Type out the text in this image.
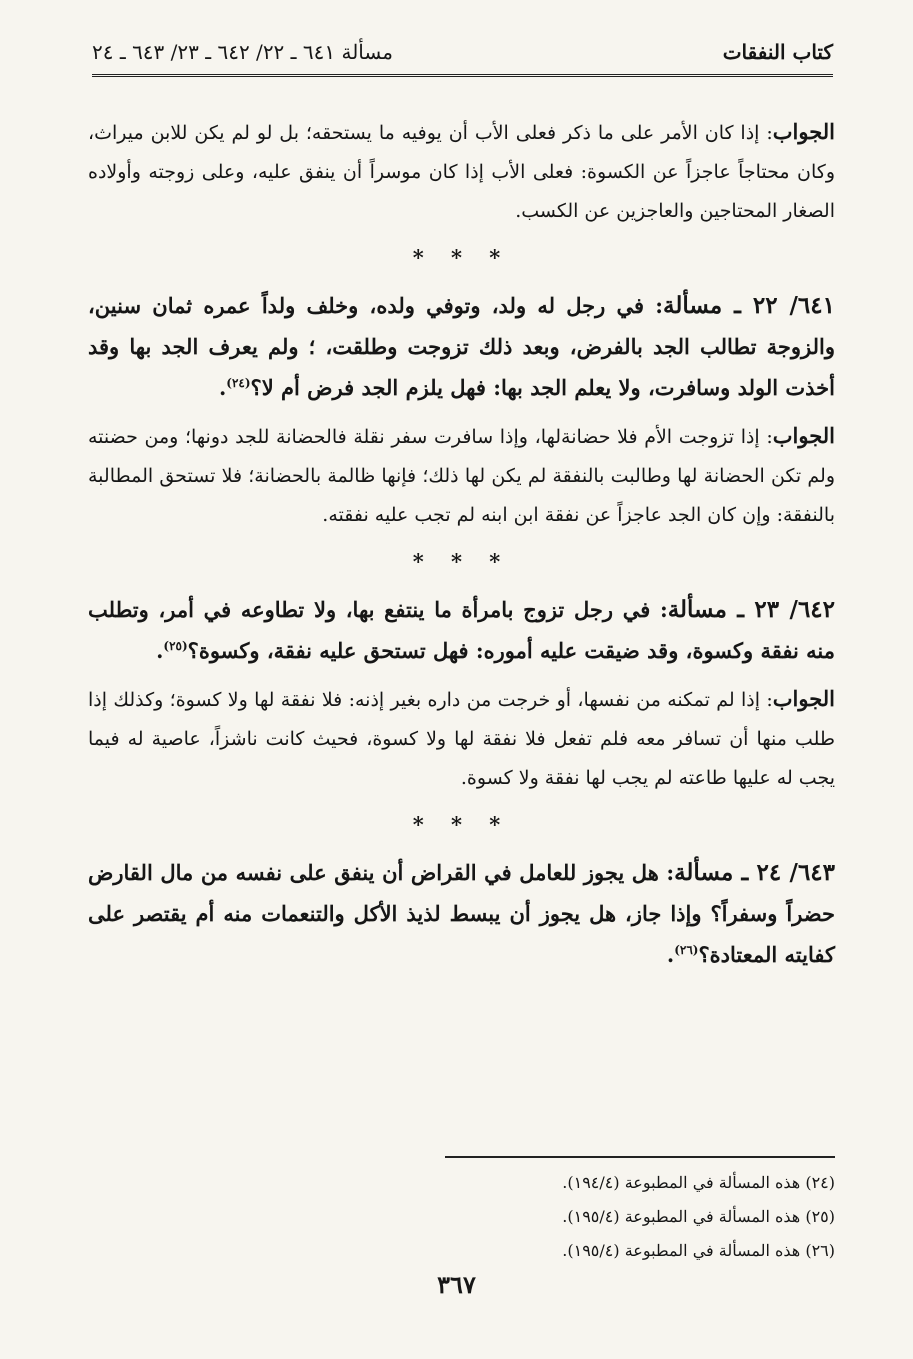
كتاب النفقات
مسألة ٦٤١ ـ ٢٢/ ٦٤٢ ـ ٢٣/ ٦٤٣ ـ ٢٤

الجواب: إذا كان الأمر على ما ذكر فعلى الأب أن يوفيه ما يستحقه؛ بل لو لم يكن للابن ميراث، وكان محتاجاً عاجزاً عن الكسوة: فعلى الأب إذا كان موسراً أن ينفق عليه، وعلى زوجته وأولاده الصغار المحتاجين والعاجزين عن الكسب.

* * *

٦٤١/ ٢٢ ـ مسألة: في رجل له ولد، وتوفي ولده، وخلف ولداً عمره ثمان سنين، والزوجة تطالب الجد بالفرض، وبعد ذلك تزوجت وطلقت، ؛ ولم يعرف الجد بها وقد أخذت الولد وسافرت، ولا يعلم الجد بها: فهل يلزم الجد فرض أم لا؟$^{(٢٤)}$.

الجواب: إذا تزوجت الأم فلا حضانةلها، وإذا سافرت سفر نقلة فالحضانة للجد دونها؛ ومن حضنته ولم تكن الحضانة لها وطالبت بالنفقة لم يكن لها ذلك؛ فإنها ظالمة بالحضانة؛ فلا تستحق المطالبة بالنفقة: وإن كان الجد عاجزاً عن نفقة ابن ابنه لم تجب عليه نفقته.

* * *

٦٤٢/ ٢٣ ـ مسألة: في رجل تزوج بامرأة ما ينتفع بها، ولا تطاوعه في أمر، وتطلب منه نفقة وكسوة، وقد ضيقت عليه أموره: فهل تستحق عليه نفقة، وكسوة؟$^{(٢٥)}$.

الجواب: إذا لم تمكنه من نفسها، أو خرجت من داره بغير إذنه: فلا نفقة لها ولا كسوة؛ وكذلك إذا طلب منها أن تسافر معه فلم تفعل فلا نفقة لها ولا كسوة، فحيث كانت ناشزاً، عاصية له فيما يجب له عليها طاعته لم يجب لها نفقة ولا كسوة.

* * *

٦٤٣/ ٢٤ ـ مسألة: هل يجوز للعامل في القراض أن ينفق على نفسه من مال القارض حضراً وسفراً؟ وإذا جاز، هل يجوز أن يبسط لذيذ الأكل والتنعمات منه أم يقتصر على كفايته المعتادة؟$^{(٢٦)}$.

(٢٤) هذه المسألة في المطبوعة (١٩٤/٤).

(٢٥) هذه المسألة في المطبوعة (١٩٥/٤).

(٢٦) هذه المسألة في المطبوعة (١٩٥/٤).

٣٦٧
